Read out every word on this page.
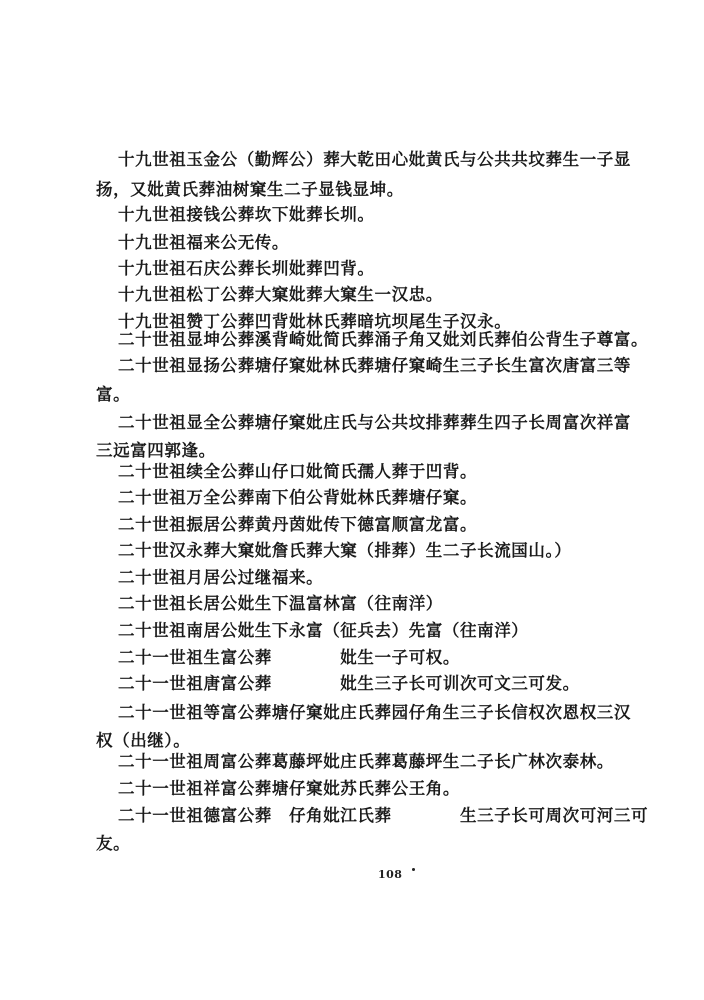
十九世祖玉金公（勤辉公）葬大乾田心妣黄氏与公共共坟葬生一子显
扬，又妣黄氏葬油树窠生二子显钱显坤。
十九世祖接钱公葬坎下妣葬长圳。
十九世祖福来公无传。
十九世祖石庆公葬长圳妣葬凹背。
十九世祖松丁公葬大窠妣葬大窠生一汉忠。
十九世祖赞丁公葬凹背妣林氏葬暗坑坝尾生子汉永。
二十世祖显坤公葬溪背崎妣简氏葬涌子角又妣刘氏葬伯公背生子尊富。
二十世祖显扬公葬塘仔窠妣林氏葬塘仔窠崎生三子长生富次唐富三等
富。
二十世祖显全公葬塘仔窠妣庄氏与公共坟排葬葬生四子长周富次祥富
三远富四郭逢。
二十世祖续全公葬山仔口妣简氏孺人葬于凹背。
二十世祖万全公葬南下伯公背妣林氏葬塘仔窠。
二十世祖振居公葬黄丹茵妣传下德富顺富龙富。
二十世汉永葬大窠妣詹氏葬大窠（排葬）生二子长流国山。）
二十世祖月居公过继福来。
二十世祖长居公妣生下温富林富（往南洋）
二十世祖南居公妣生下永富（征兵去）先富（往南洋）
二十一世祖生富公葬　　　　妣生一子可权。
二十一世祖唐富公葬　　　　妣生三子长可训次可文三可发。
二十一世祖等富公葬塘仔窠妣庄氏葬园仔角生三子长信权次恩权三汉
权（出继）。
二十一世祖周富公葬葛藤坪妣庄氏葬葛藤坪生二子长广林次泰林。
二十一世祖祥富公葬塘仔窠妣苏氏葬公王角。
二十一世祖德富公葬　仔角妣江氏葬　　　　生三子长可周次可河三可
友。
108
